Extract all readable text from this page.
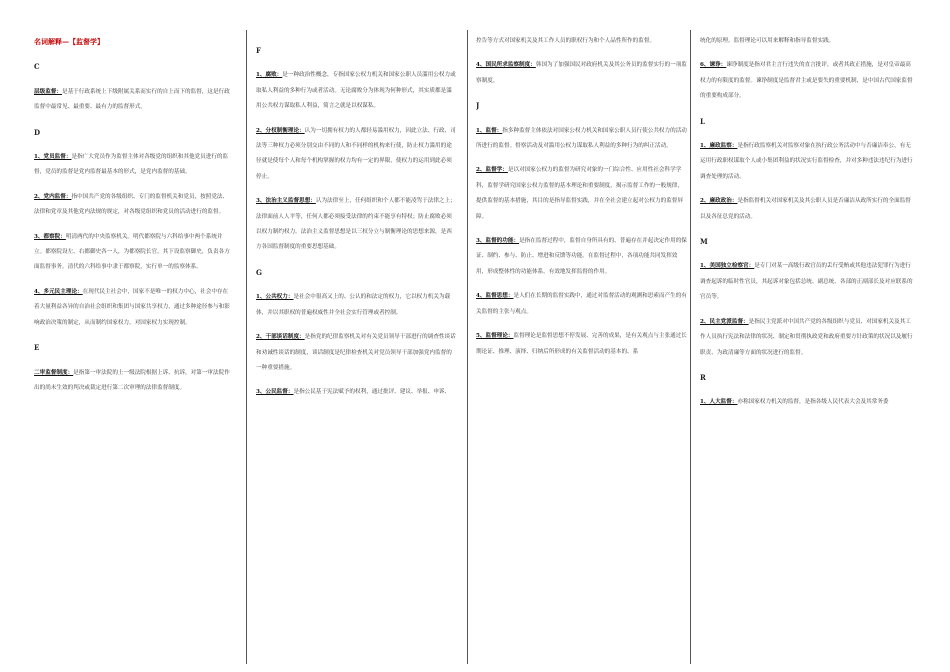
名词解释—【监督学】
C
层级监督：是基于行政系统上下级附属关系而实行的自上而下的监督，这是行政监督中最常见、最重要、最有力的监督形式。
D
1、党员监督：是指广大党员作为监督主体对各级党的组织和其他党员进行的监督，党员的监督是党内监督最基本的形式，是党内监督的基础。
2、党内监督：指中国共产党的各级组织、专门的监督机关和党员，按照党法、法律和党章及其他党内法规的规定，对各级党组织和党员的活动进行的监督。
3、都察院：明清两代的中央监察机关。明代都察院与六科给事中两个系统并立。都察院设左、右都御史各一人，为都察院长官，其下设监察御史，负责各方面监督事务。清代的六科给事中隶于都察院，实行单一的监察体系。
4、多元民主理论：在现代民主社会中，国家不是唯一的权力中心，社会中存在着大量利益各异的自治社会组织和集团与国家共享权力，通过多种途径参与和影响政治决策的制定，从而制约国家权力，对国家权力实现控制。
E
二审监督制度：是指第一审法院的上一级法院根据上诉、抗诉，对第一审法院作出的尚未生效的判决或裁定进行第二次审理的法律监督制度。
F
1、腐败：是一种政治性概念，专指国家公权力机关和国家公职人员滥用公权力或取私人利益的多种行为或者活动。无论腐败分为体现为何种形式，其实质都是滥用公共权力谋取私人利益，简言之就是以权谋私。
2、分权制衡理论：认为一切拥有权力的人都轻易滥用权力，因此立法、行政、司法等三种权力必须分别交由不同的人和不同样的机构来行使，防止权力滥用的途径就是使每个人和每个机构掌握的权力均有一定的界限，使权力的运用到此必须停止。
3、法治主义监督思想：认为法律至上，任何组织和个人都不能凌驾于法律之上；法律面前人人平等，任何人都必须接受法律的约束不能享有特权；防止腐败必须以权力制约权力。法治主义监督思想是以三权分立与制衡理论的思想来源，是西方各国监督制度的重要思想基础。
G
1、公共权力：是社会中很高又上的、公认的和法定的权力，它以权力机关为载体，并以其职权的普遍权威性并全社会实行管理或者控制。
2、干部谈话制度：是指党的纪律监察机关对有关党员领导干部进行的调查性谈话和劝诫性谈话的制度，谈话制度是纪律检查机关对党员领导干部加强党内监督的一种重要措施。
3、公民监督：是指公民基于宪法赋予的权利，通过批评、建议、举报、申诉、
控告等方式对国家机关及其工作人员的职权行为和个人品性所作的监督。
4、国民所求监察制度：韩国为了加强国民对政府机关及其公务员的监督实行的一项监察制度。
J
1、监督：指多种监督主体依法对国家公权力机关和国家公职人员行使公共权力的活动所进行的监督。督察活动及对滥用公权力谋取私人利益的多种行为的纠正活动。
2、监督学：是以对国家公权力的监督为研究对象的一门综合性、应用性社会科学学科，监督学研究国家公权力监督的基本理论和重要制度，揭示监督工作的一般规律，提供监督的基本措施，其目的是指导监督实践，并在全社会建立起对公权力的监督屏障。
3、监督的功能：是指在监督过程中，监督自身所具有的、普遍存在并起决定作用的保证、制约、参与、防止、增进和反馈等功能。在监督过程中，各项功能共同发挥效用，形成整体性的功能体系，有效地发挥监督的作用。
4、监督思想：是人们在长期的监督实践中，通过对监督活动的观测和思索而产生的有关监督的主张与观点。
5、监督理论：监督理论是监督思想不停发展、完善的成果，是有关观点与主张通过长期论证、推理、演绎、归纳后所形成的有关监督活动的基本的、系
统化的原理。监督理论可以用来解释和指导监督实践。
6、谏诤：谏诤制度是指对君主言行违失的直言批评，或者其政正措施，是对皇帝最高权力的有限度的监督。谏诤制度是监督君主或是要失的重要机制，是中国古代国家监督的重要构成部分。
L
1、廉政监察：是指行政监察机关对监察对象在执行政公务活动中与否廉洁奉公，有无运用行政职权谋取个人或小集团利益的状况实行监督检查，并对多种违法违纪行为进行调查处理的活动。
2、廉政政治：是指监督机关对国家机关及其公职人员是否廉洁从政所实行的全面监督以及各征总党的活动。
M
1、美国独立检察官：是专门对某一高级行政官员的丢行受贿或其他违法犯罪行为进行调查起诉的临时性官员，其起诉对象包括总统、副总统、各部的正副部长及对应联系的官员等。
2、民主党派监督：是指民主党派对中国共产党的各级组织与党员、对国家机关及其工作人员执行宪法和法律的状况、制定和贯彻执政党和政府重要方针政策的状况以及履行职责、为政清廉等方面的状况进行的监督。
R
1、人大监督：亦称国家权力机关的监督，是指各级人民代表大会及其常务委
